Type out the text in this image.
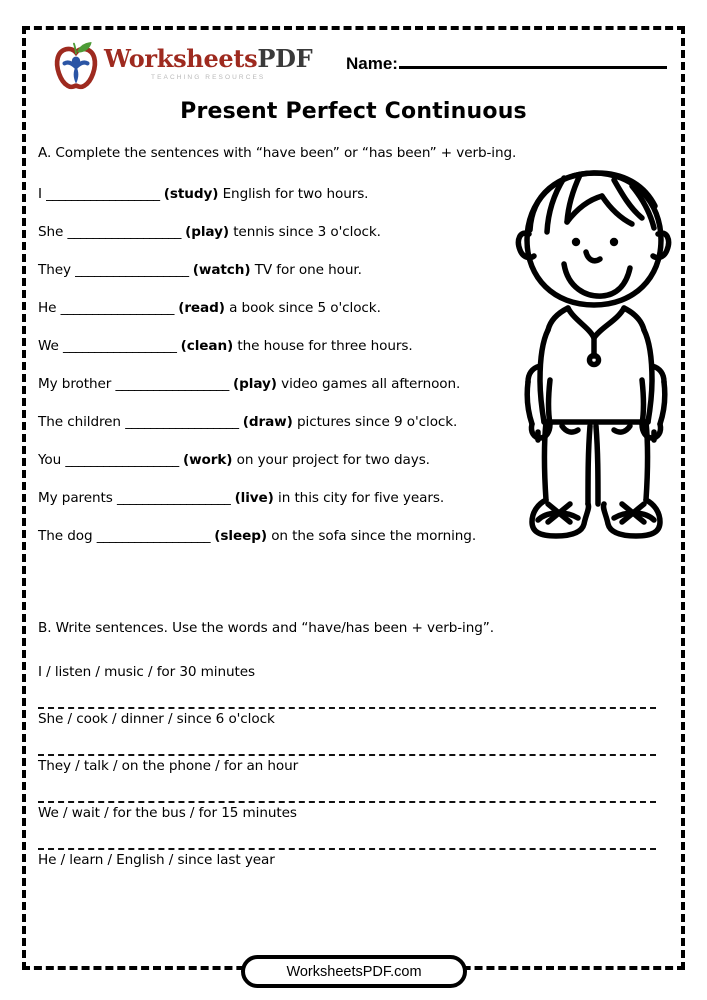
WorksheetsPDF
TEACHING RESOURCES
Name:
Present Perfect Continuous
A. Complete the sentences with “have been” or “has been” + verb-ing.
I __________________ (study) English for two hours.
She __________________ (play) tennis since 3 o'clock.
They __________________ (watch) TV for one hour.
He __________________ (read) a book since 5 o'clock.
We __________________ (clean) the house for three hours.
My brother __________________ (play) video games all afternoon.
The children __________________ (draw) pictures since 9 o'clock.
You __________________ (work) on your project for two days.
My parents __________________ (live) in this city for five years.
The dog __________________ (sleep) on the sofa since the morning.
B. Write sentences. Use the words and “have/has been + verb-ing”.
I / listen / music / for 30 minutes
She / cook / dinner / since 6 o'clock
They / talk / on the phone / for an hour
We / wait / for the bus / for 15 minutes
He / learn / English / since last year
WorksheetsPDF.com
